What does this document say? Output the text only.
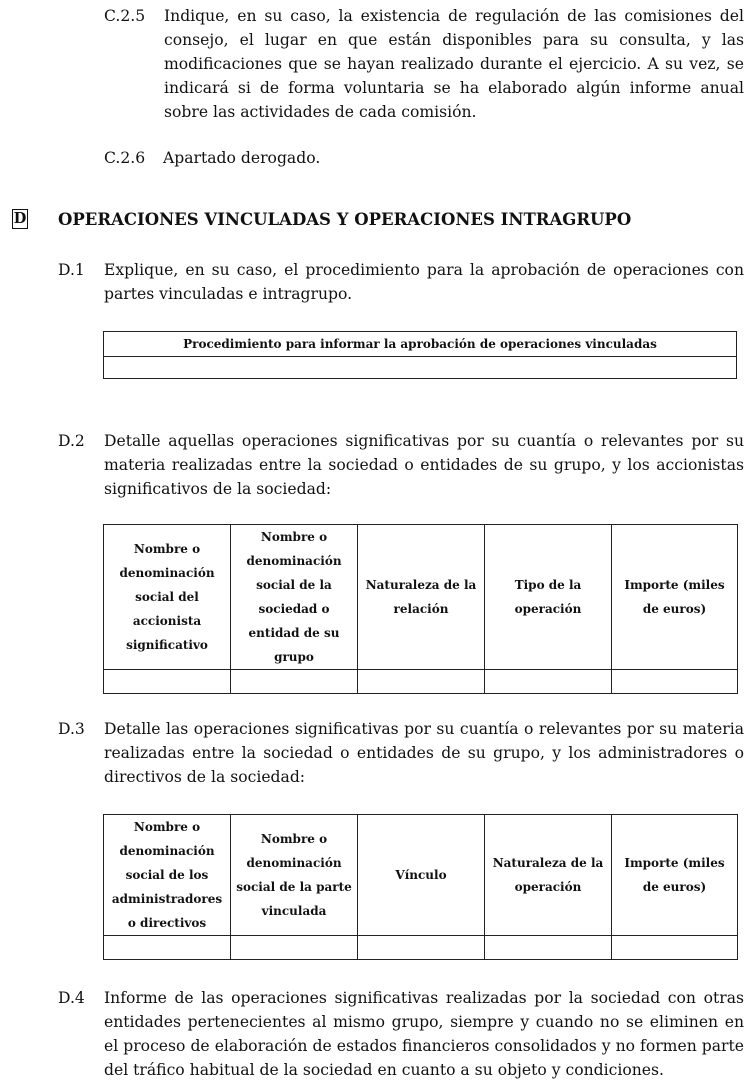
C.2.5 Indique, en su caso, la existencia de regulación de las comisiones del consejo, el lugar en que están disponibles para su consulta, y las modificaciones que se hayan realizado durante el ejercicio. A su vez, se indicará si de forma voluntaria se ha elaborado algún informe anual sobre las actividades de cada comisión.
C.2.6 Apartado derogado.
D OPERACIONES VINCULADAS Y OPERACIONES INTRAGRUPO
D.1 Explique, en su caso, el procedimiento para la aprobación de operaciones con partes vinculadas e intragrupo.
Procedimiento para informar la aprobación de operaciones vinculadas

D.2 Detalle aquellas operaciones significativas por su cuantía o relevantes por su materia realizadas entre la sociedad o entidades de su grupo, y los accionistas significativos de la sociedad:
Nombre o denominación social del accionista significativo	Nombre o denominación social de la sociedad o entidad de su grupo	Naturaleza de la relación	Tipo de la operación	Importe (miles de euros)

D.3 Detalle las operaciones significativas por su cuantía o relevantes por su materia realizadas entre la sociedad o entidades de su grupo, y los administradores o directivos de la sociedad:
Nombre o denominación social de los administradores o directivos	Nombre o denominación social de la parte vinculada	Vínculo	Naturaleza de la operación	Importe (miles de euros)

D.4 Informe de las operaciones significativas realizadas por la sociedad con otras entidades pertenecientes al mismo grupo, siempre y cuando no se eliminen en el proceso de elaboración de estados financieros consolidados y no formen parte del tráfico habitual de la sociedad en cuanto a su objeto y condiciones.
